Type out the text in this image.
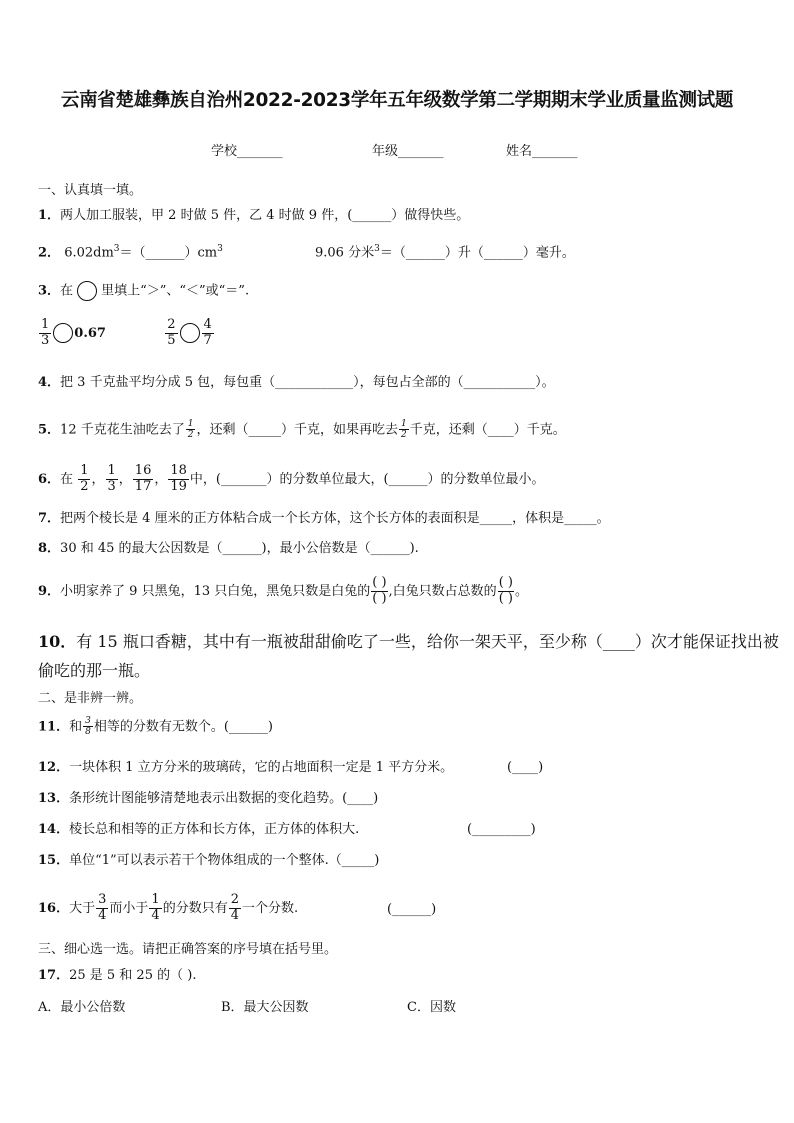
云南省楚雄彝族自治州2022-2023学年五年级数学第二学期期末学业质量监测试题
学校_______	年级_______	姓名_______
一、认真填一填。
1．两人加工服装，甲 2 时做 5 件，乙 4 时做 9 件，(______）做得快些。
2． $6.02dm^3=(\_\_\_\_\_\_)cm^3$	9.06 分米$^3$＝（______）升（______）毫升。
3．在 里填上“＞”、“＜”或“＝”.
$\frac{1}{3} 0.67$	$\frac{2}{5} \frac{4}{7}$
4．把 3 千克盐平均分成 5 包，每包重（____________），每包占全部的（___________）。
5．12 千克花生油吃去了 $\frac{1}{2}$ ，还剩（_____）千克，如果再吃去 $\frac{1}{2}$ 千克，还剩（____）千克。
6．在 $\frac{1}{2}$ ， $\frac{1}{3}$ ， $\frac{16}{17}$ ， $\frac{18}{19}$ 中，(_______）的分数单位最大，(______）的分数单位最小。
7．把两个棱长是 4 厘米的正方体粘合成一个长方体，这个长方体的表面积是_____，体积是_____。
8．30 和 45 的最大公因数是（______)，最小公倍数是（______).
9．小明家养了 9 只黑兔，13 只白兔，黑兔只数是白兔的 $\frac{( )}{( )}$ ,白兔只数占总数的 $\frac{( )}{( )}$ 。
10．有 15 瓶口香糖，其中有一瓶被甜甜偷吃了一些，给你一架天平，至少称（____）次才能保证找出被
偷吃的那一瓶。
二、是非辨一辨。
11．和 $\frac{3}{8}$ 相等的分数有无数个。(______)
12．一块体积 1 立方分米的玻璃砖，它的占地面积一定是 1 平方分米。	(____)
13．条形统计图能够清楚地表示出数据的变化趋势。(____)
14．棱长总和相等的正方体和长方体，正方体的体积大.	(_________)
15．单位“1”可以表示若干个物体组成的一个整体.（_____)
16．大于 $\frac{3}{4}$ 而小于 $\frac{1}{4}$ 的分数只有 $\frac{2}{4}$ 一个分数.	(______)
三、细心选一选。请把正确答案的序号填在括号里。
17．25 是 5 和 25 的（ ).
A．最小公倍数	B．最大公因数	C．因数
